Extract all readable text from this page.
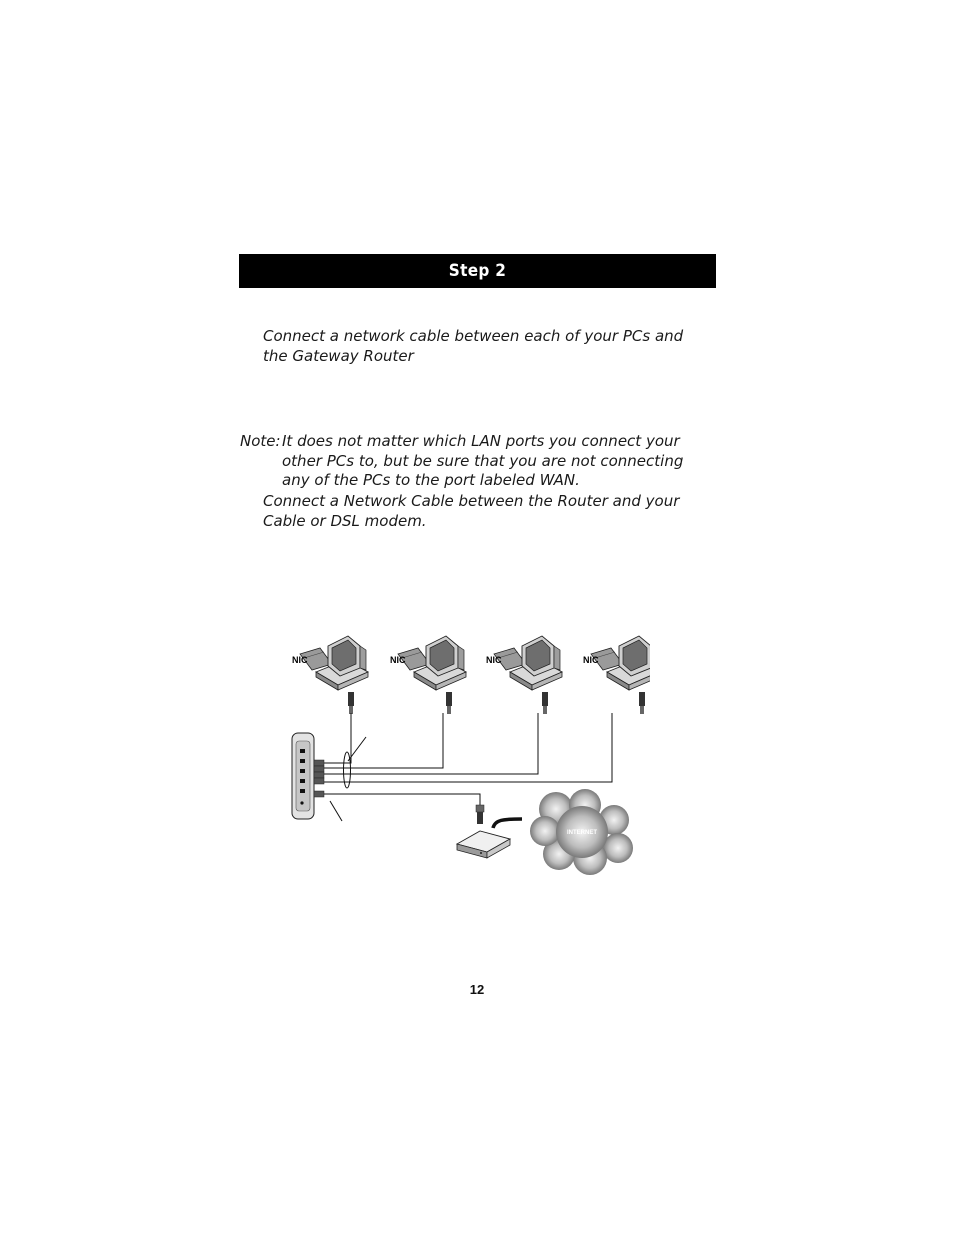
Step 2
Connect a network cable between each of your PCs and the Gateway Router
Note: It does not matter which LAN ports you connect your other PCs to, but be sure that you are not connecting any of the PCs to the port labeled WAN.
Connect a Network Cable between the Router and your Cable or DSL modem.
NIC	NIC	NIC	NIC
INTERNET
12
